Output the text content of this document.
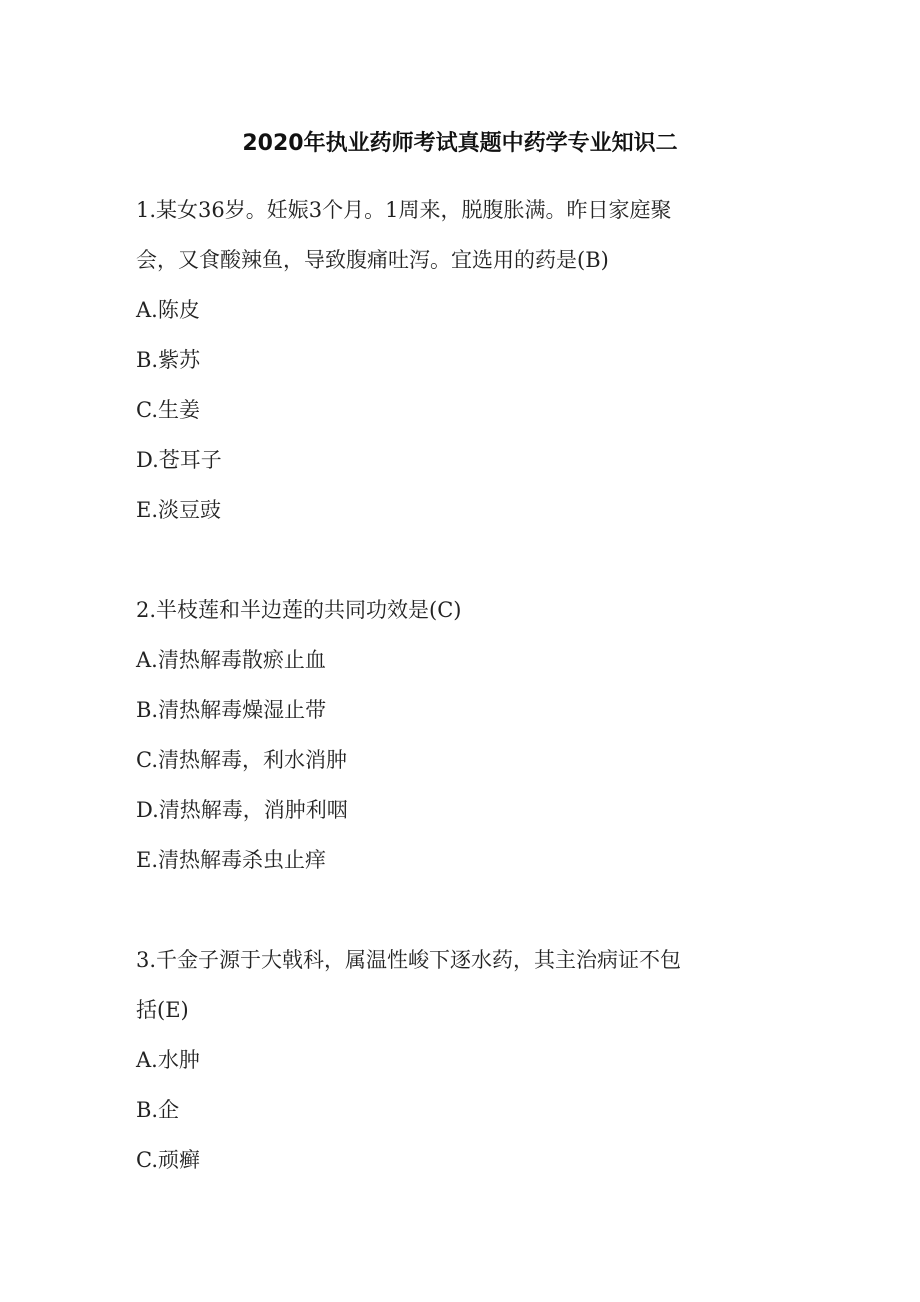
2020年执业药师考试真题中药学专业知识二
1.某女36岁。妊娠3个月。1周来，脱腹胀满。昨日家庭聚
会，又食酸辣鱼，导致腹痛吐泻。宜选用的药是(B)
A.陈皮
B.紫苏
C.生姜
D.苍耳子
E.淡豆豉
2.半枝莲和半边莲的共同功效是(C)
A.清热解毒散瘀止血
B.清热解毒燥湿止带
C.清热解毒，利水消肿
D.清热解毒，消肿利咽
E.清热解毒杀虫止痒
3.千金子源于大戟科，属温性峻下逐水药，其主治病证不包
括(E)
A.水肿
B.企
C.顽癣
